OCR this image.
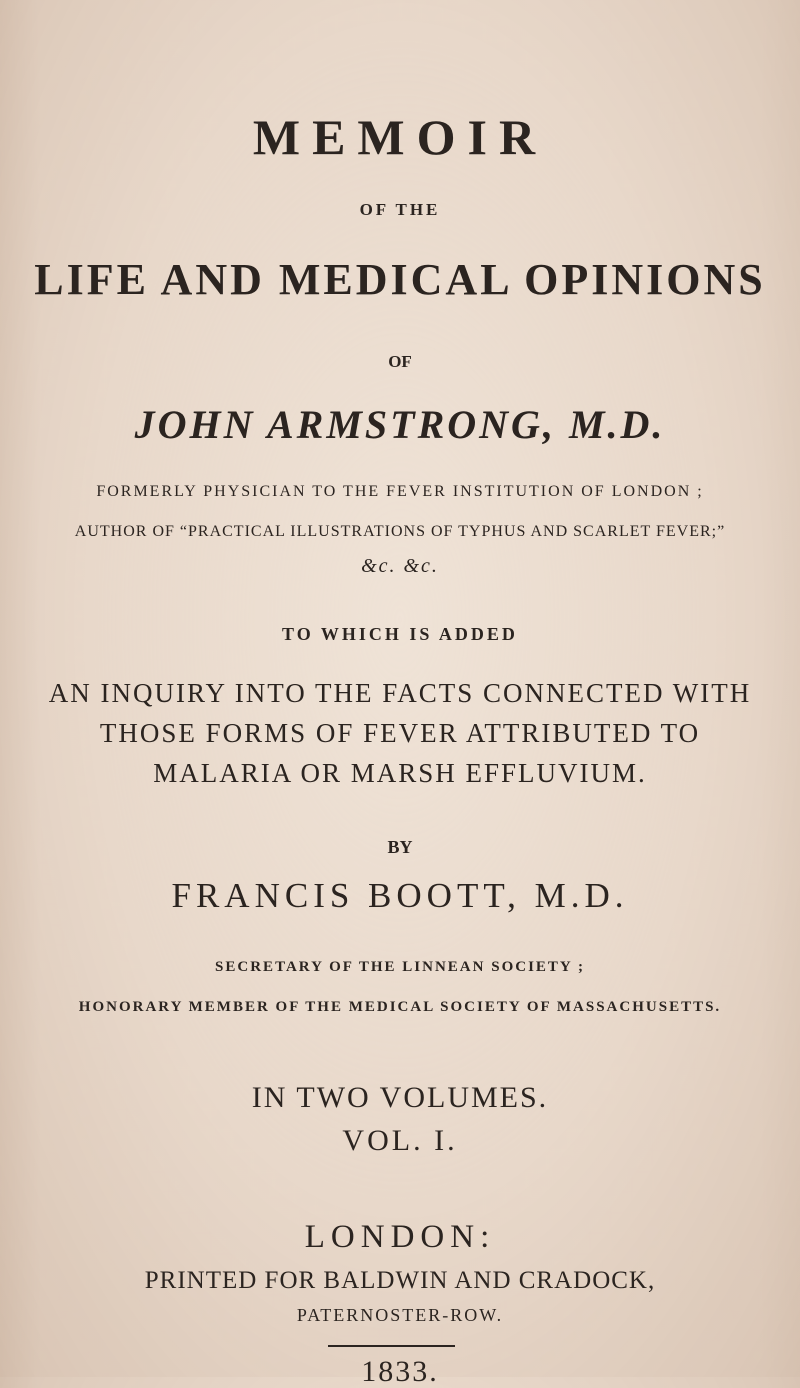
MEMOIR
OF THE
LIFE AND MEDICAL OPINIONS
OF
JOHN ARMSTRONG, M.D.
FORMERLY PHYSICIAN TO THE FEVER INSTITUTION OF LONDON ;
AUTHOR OF “PRACTICAL ILLUSTRATIONS OF TYPHUS AND SCARLET FEVER;”
&c. &c.
TO WHICH IS ADDED
AN INQUIRY INTO THE FACTS CONNECTED WITH
THOSE FORMS OF FEVER ATTRIBUTED TO
MALARIA OR MARSH EFFLUVIUM.
BY
FRANCIS BOOTT, M.D.
SECRETARY OF THE LINNEAN SOCIETY ;
HONORARY MEMBER OF THE MEDICAL SOCIETY OF MASSACHUSETTS.
IN TWO VOLUMES.
VOL. I.
LONDON:
PRINTED FOR BALDWIN AND CRADOCK,
PATERNOSTER-ROW.
1833.
